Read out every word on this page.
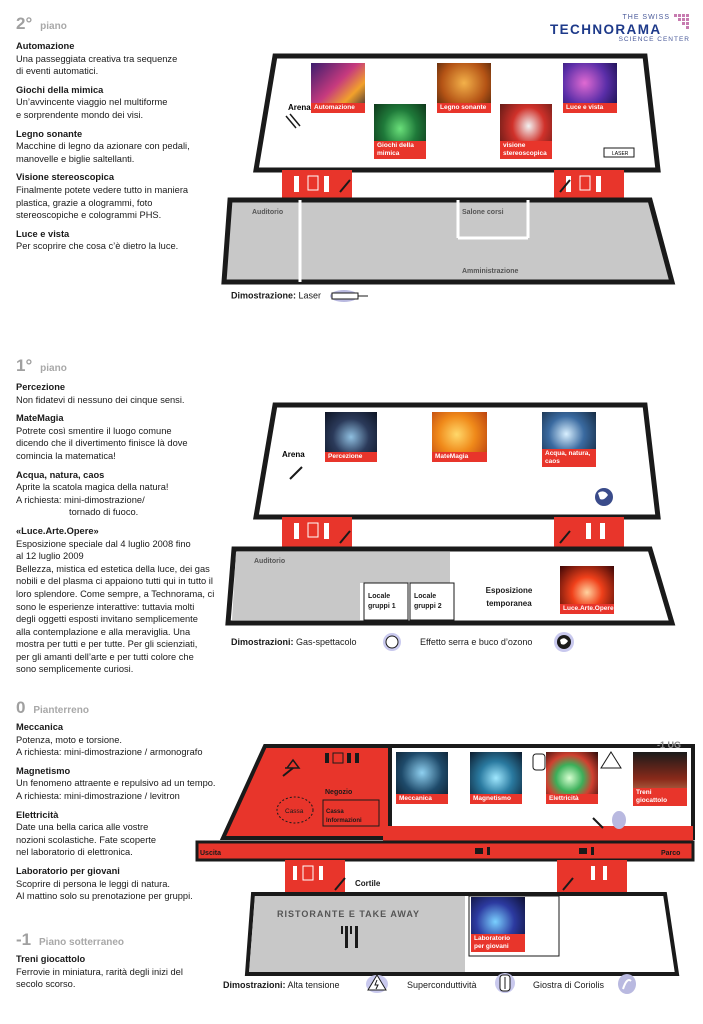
THE SWISS
TECHNORAMA
SCIENCE CENTER
2° piano
Automazione
Una passeggiata creativa tra sequenze
di eventi automatici.
Giochi della mimica
Un’avvincente viaggio nel multiforme
e sorprendente mondo dei visi.
Legno sonante
Macchine di legno da azionare con pedali,
manovelle e biglie saltellanti.
Visione stereoscopica
Finalmente potete vedere tutto in maniera
plastica, grazie a ologrammi, foto
stereoscopiche e cologrammi PHS.
Luce e vista
Per scoprire che cosa c’è dietro la luce.
Arena
Auditorio	Salone corsi
Amministrazione
LASER
Automazione	Legno sonante	Luce e vista
Giochi della mimica
visione stereoscopica
Dimostrazione: Laser
1° piano
Percezione
Non fidatevi di nessuno dei cinque sensi.
MateMagia
Potrete così smentire il luogo comune
dicendo che il divertimento finisce là dove
comincia la matematica!
Acqua, natura, caos
Aprite la scatola magica della natura!
A richiesta: mini-dimostrazione/
tornado di fuoco.
«Luce.Arte.Opere»
Esposizione speciale dal 4 luglio 2008 fino
al 12 luglio 2009
Bellezza, mistica ed estetica della luce, dei gas
nobili e del plasma ci appaiono tutti qui in tutto il
loro splendore. Come sempre, a Technorama, ci
sono le esperienze interattive: tuttavia molti
degli oggetti esposti invitano semplicemente
alla contemplazione e alla meraviglia. Una
mostra per tutti e per tutte. Per gli scienziati,
per gli amanti dell’arte e per tutti colore che
sono semplicemente curiosi.
Arena
Auditorio
Locale gruppi 1
Locale gruppi 2
Esposizione temporanea
Percezione	MateMagia	Acqua, natura, caos
Luce.Arte.Opere
Dimostrazioni: Gas-spettacolo	Effetto serra e buco d’ozono
0 Pianterreno
Meccanica
Potenza, moto e torsione.
A richiesta: mini-dimostrazione / armonografo
Magnetismo
Un fenomeno attraente e repulsivo ad un tempo.
A richiesta: mini-dimostrazione / levitron
Elettricità
Date una bella carica alle vostre
nozioni scolastiche. Fate scoperte
nel laboratorio di elettronica.
Laboratorio per giovani
Scoprire di persona le leggi di natura.
Al mattino solo su prenotazione per gruppi.
-1 Piano sotterraneo
Treni giocattolo
Ferrovie in miniatura, rarità degli inizi del
secolo scorso.
-1 UG
Negozio
Cassa
Uscita	Parco
Cortile
RISTORANTE E TAKE AWAY
Cassa Informazioni
Meccanica	Magnetismo	Elettricità
Treni giocattolo
Laboratorio per giovani
Dimostrazioni: Alta tensione	Superconduttività	Giostra di Coriolis
